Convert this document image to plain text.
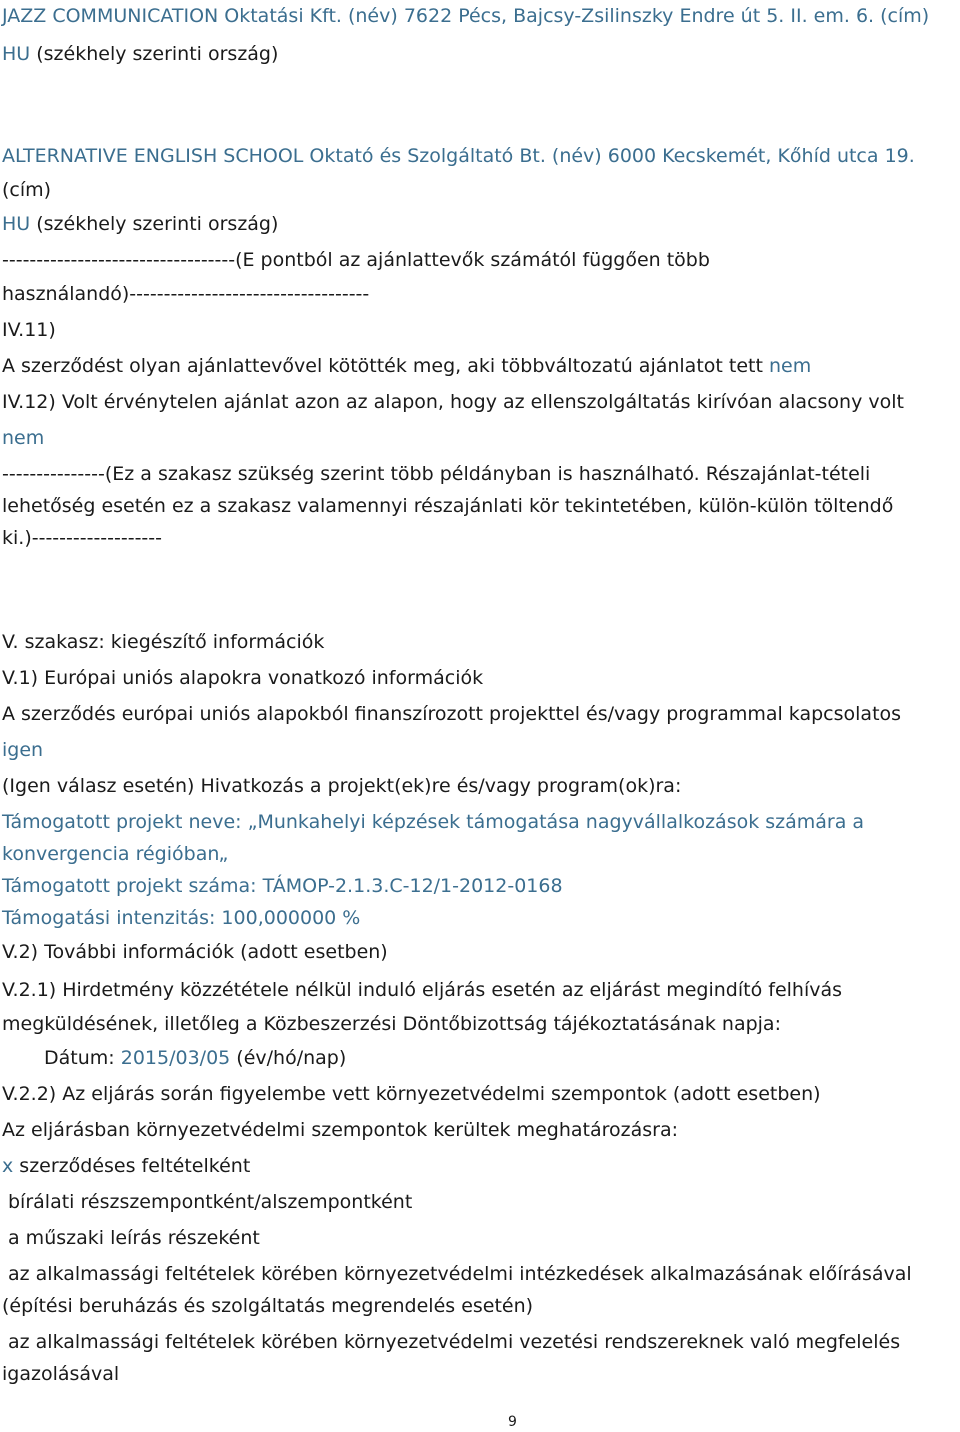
JAZZ COMMUNICATION Oktatási Kft. (név) 7622 Pécs, Bajcsy-Zsilinszky Endre út 5. II. em. 6. (cím)
HU (székhely szerinti ország)
ALTERNATIVE ENGLISH SCHOOL Oktató és Szolgáltató Bt. (név) 6000 Kecskemét, Kőhíd utca 19.
(cím)
HU (székhely szerinti ország)
----------------------------------(E pontból az ajánlattevők számától függően több
használandó)-----------------------------------
IV.11)
A szerződést olyan ajánlattevővel kötötték meg, aki többváltozatú ajánlatot tett nem
IV.12) Volt érvénytelen ajánlat azon az alapon, hogy az ellenszolgáltatás kirívóan alacsony volt
nem
---------------(Ez a szakasz szükség szerint több példányban is használható. Részajánlat-tételi
lehetőség esetén ez a szakasz valamennyi részajánlati kör tekintetében, külön-külön töltendő
ki.)-------------------
V. szakasz: kiegészítő információk
V.1) Európai uniós alapokra vonatkozó információk
A szerződés európai uniós alapokból finanszírozott projekttel és/vagy programmal kapcsolatos
igen
(Igen válasz esetén) Hivatkozás a projekt(ek)re és/vagy program(ok)ra:
Támogatott projekt neve: „Munkahelyi képzések támogatása nagyvállalkozások számára a
konvergencia régióban„
Támogatott projekt száma: TÁMOP-2.1.3.C-12/1-2012-0168
Támogatási intenzitás: 100,000000 %
V.2) További információk (adott esetben)
V.2.1) Hirdetmény közzététele nélkül induló eljárás esetén az eljárást megindító felhívás
megküldésének, illetőleg a Közbeszerzési Döntőbizottság tájékoztatásának napja:
Dátum: 2015/03/05 (év/hó/nap)
V.2.2) Az eljárás során figyelembe vett környezetvédelmi szempontok (adott esetben)
Az eljárásban környezetvédelmi szempontok kerültek meghatározásra:
x szerződéses feltételként
bírálati részszempontként/alszempontként
a műszaki leírás részeként
az alkalmassági feltételek körében környezetvédelmi intézkedések alkalmazásának előírásával
(építési beruházás és szolgáltatás megrendelés esetén)
az alkalmassági feltételek körében környezetvédelmi vezetési rendszereknek való megfelelés
igazolásával
9
